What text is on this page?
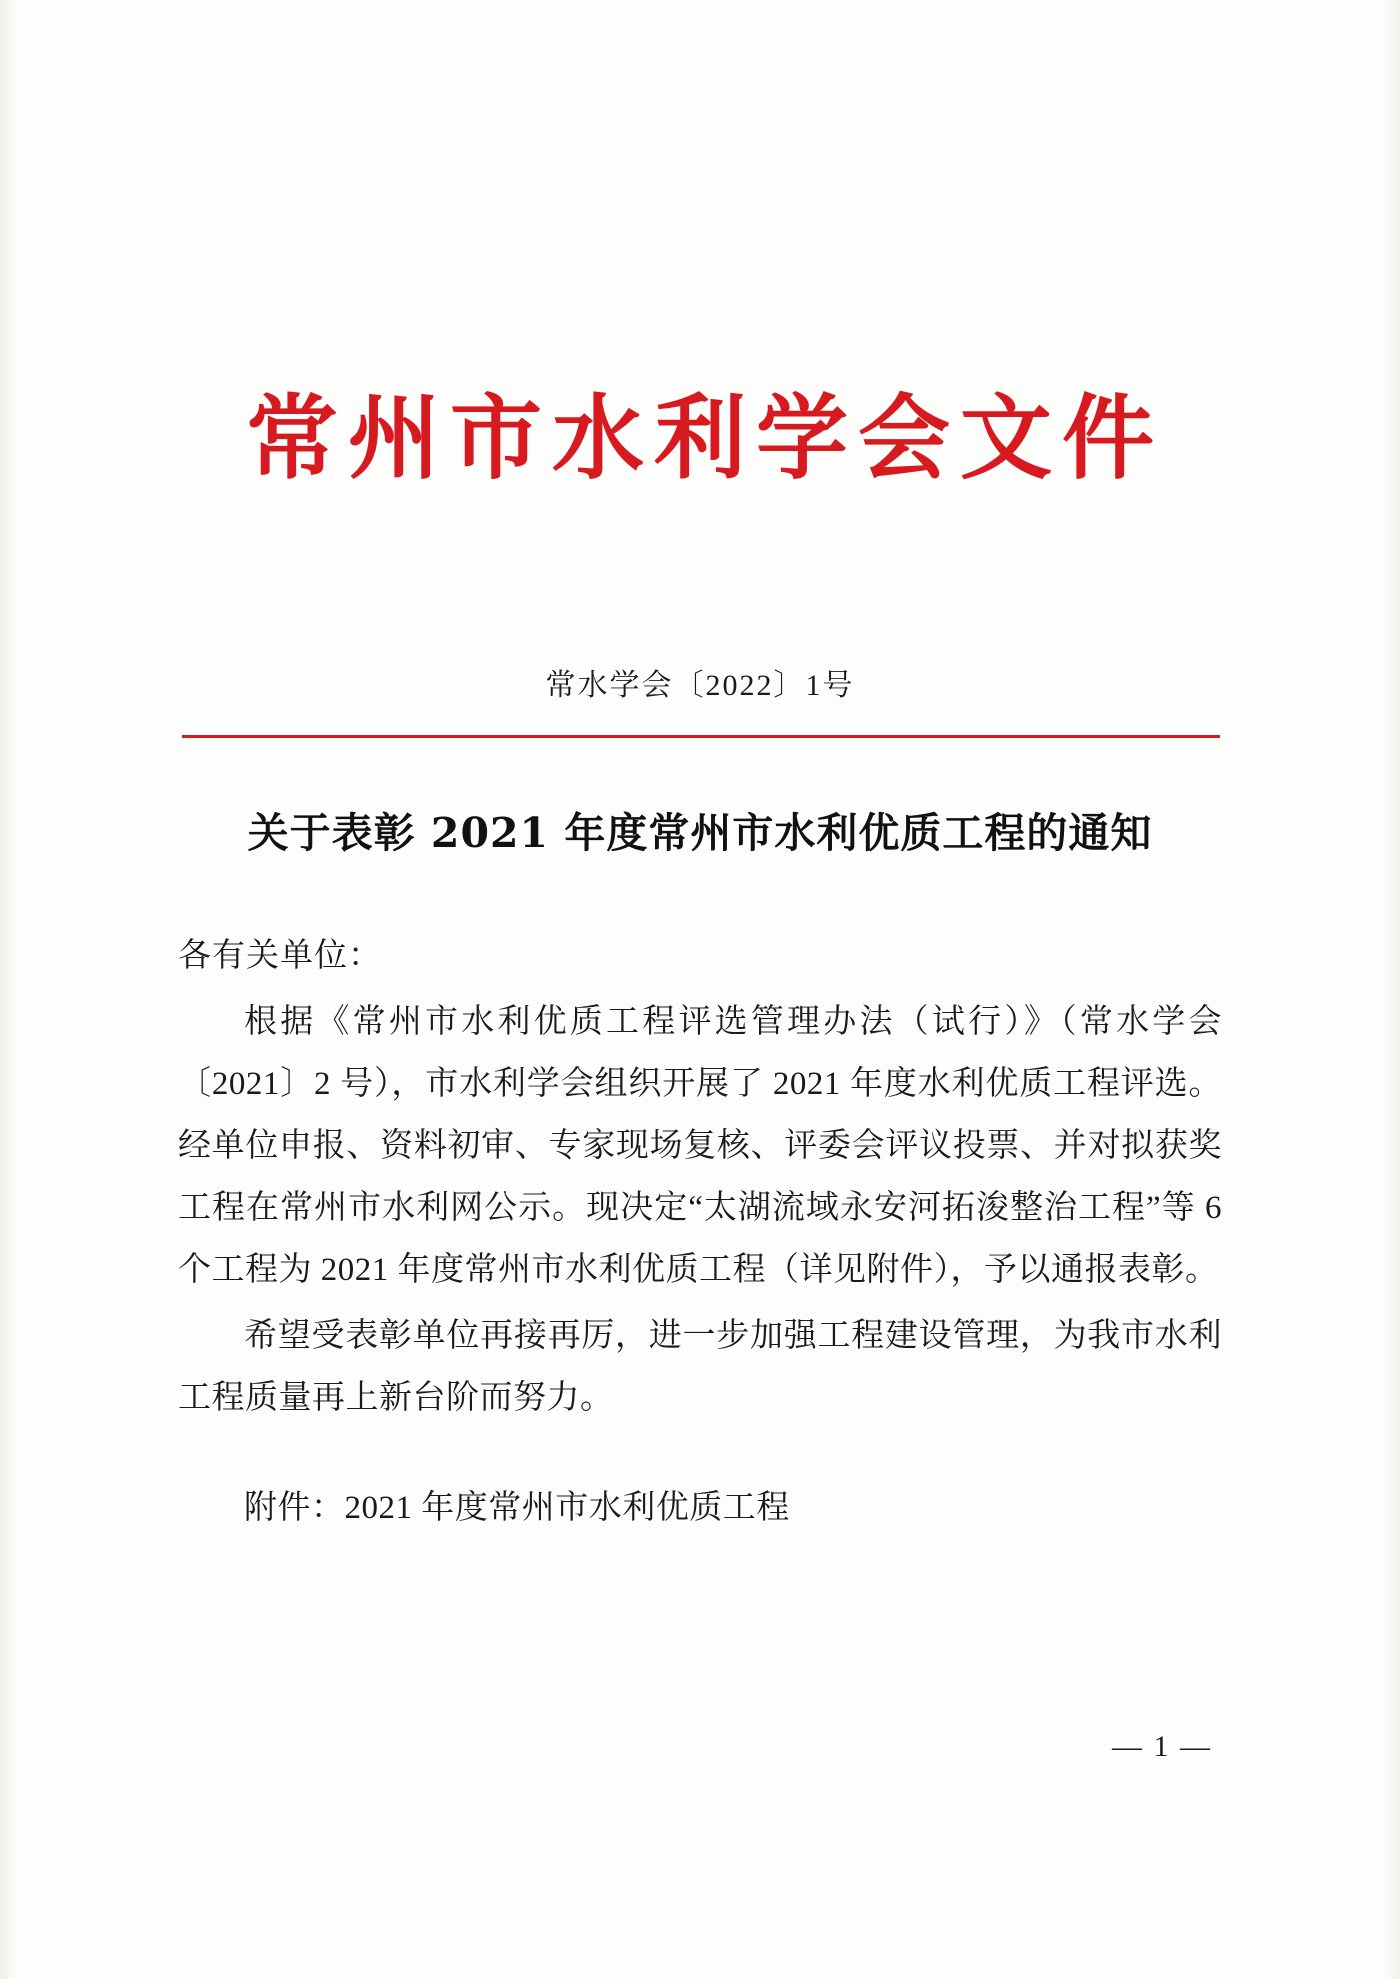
常州市水利学会文件
常水学会〔2022〕1号
关于表彰 2021 年度常州市水利优质工程的通知
各有关单位：
根据《常州市水利优质工程评选管理办法（试行）》（常水学会〔2021〕2 号），市水利学会组织开展了 2021 年度水利优质工程评选。经单位申报、资料初审、专家现场复核、评委会评议投票、并对拟获奖工程在常州市水利网公示。现决定“太湖流域永安河拓浚整治工程”等 6 个工程为 2021 年度常州市水利优质工程（详见附件），予以通报表彰。
希望受表彰单位再接再厉，进一步加强工程建设管理，为我市水利工程质量再上新台阶而努力。
附件：2021 年度常州市水利优质工程
— 1 —
